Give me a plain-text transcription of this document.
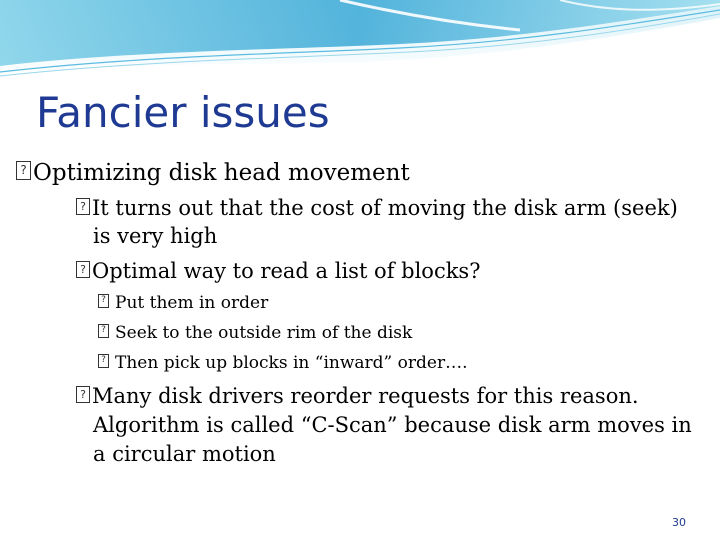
Fancier issues
?Optimizing disk head movement
?It turns out that the cost of moving the disk arm (seek)
is very high
?Optimal way to read a list of blocks?
?Put them in order
?Seek to the outside rim of the disk
?Then pick up blocks in “inward” order….
?Many disk drivers reorder requests for this reason.
Algorithm is called “C-Scan” because disk arm moves in
a circular motion
30
